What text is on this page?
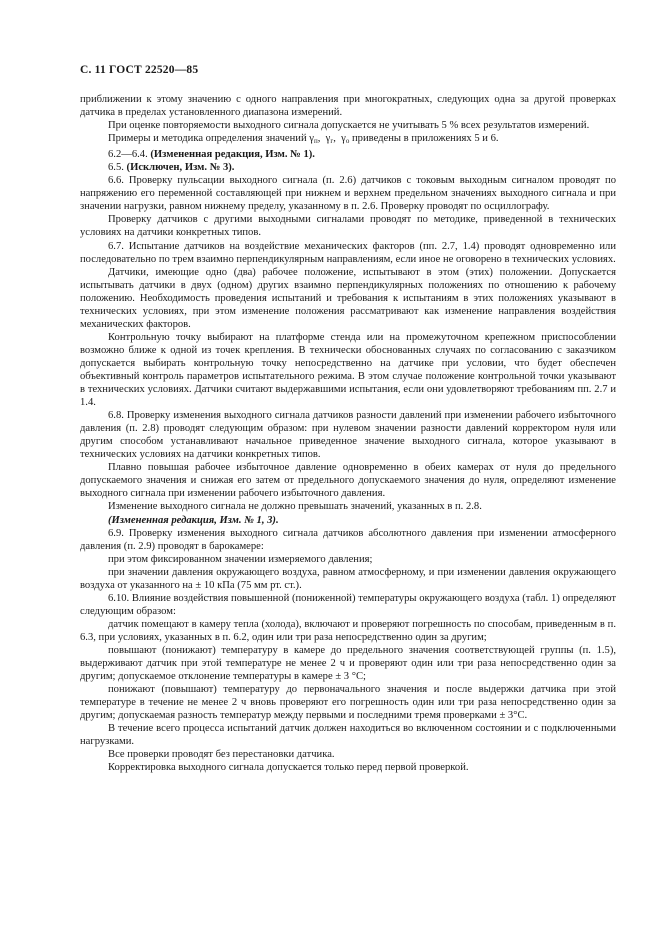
С. 11 ГОСТ 22520—85

приближении к этому значению с одного направления при многократных, следующих одна за другой проверках датчика в пределах установленного диапазона измерений.

При оценке повторяемости выходного сигнала допускается не учитывать 5 % всех результатов измерений.

Примеры и методика определения значений $\gamma_п$,  $\gamma_г$,  $\gamma_о$ приведены в приложениях 5 и 6.

6.2—6.4. (Измененная редакция, Изм. № 1).

6.5. (Исключен, Изм. № 3).

6.6. Проверку пульсации выходного сигнала (п. 2.6) датчиков с токовым выходным сигналом проводят по напряжению его переменной составляющей при нижнем и верхнем предельном значениях выходного сигнала и при значении нагрузки, равном нижнему пределу, указанному в п. 2.6. Проверку проводят по осциллографу.

Проверку датчиков с другими выходными сигналами проводят по методике, приведенной в технических условиях на датчики конкретных типов.

6.7. Испытание датчиков на воздействие механических факторов (пп. 2.7, 1.4) проводят одновременно или последовательно по трем взаимно перпендикулярным направлениям, если иное не оговорено в технических условиях.

Датчики, имеющие одно (два) рабочее положение, испытывают в этом (этих) положении. Допускается испытывать датчики в двух (одном) других взаимно перпендикулярных положениях по отношению к рабочему положению. Необходимость проведения испытаний и требования к испытаниям в этих положениях указывают в технических условиях, при этом изменение положения рассматривают как изменение направления воздействия механических факторов.

Контрольную точку выбирают на платформе стенда или на промежуточном крепежном приспособлении возможно ближе к одной из точек крепления. В технически обоснованных случаях по согласованию с заказчиком допускается выбирать контрольную точку непосредственно на датчике при условии, что будет обеспечен объективный контроль параметров испытательного режима. В этом случае положение контрольной точки указывают в технических условиях. Датчики считают выдержавшими испытания, если они удовлетворяют требованиям пп. 2.7 и 1.4.

6.8. Проверку изменения выходного сигнала датчиков разности давлений при изменении рабочего избыточного давления (п. 2.8) проводят следующим образом: при нулевом значении разности давлений корректором нуля или другим способом устанавливают начальное приведенное значение выходного сигнала, которое указывают в технических условиях на датчики конкретных типов.

Плавно повышая рабочее избыточное давление одновременно в обеих камерах от нуля до предельного допускаемого значения и снижая его затем от предельного допускаемого значения до нуля, определяют изменение выходного сигнала при изменении рабочего избыточного давления.

Изменение выходного сигнала не должно превышать значений, указанных в п. 2.8.

(Измененная редакция, Изм. № 1, 3).

6.9. Проверку изменения выходного сигнала датчиков абсолютного давления при изменении атмосферного давления (п. 2.9) проводят в барокамере:

при этом фиксированном значении измеряемого давления;

при значении давления окружающего воздуха, равном атмосферному, и при изменении давления окружающего воздуха от указанного на ± 10 кПа (75 мм рт. ст.).

6.10. Влияние воздействия повышенной (пониженной) температуры окружающего воздуха (табл. 1) определяют следующим образом:

датчик помещают в камеру тепла (холода), включают и проверяют погрешность по способам, приведенным в п. 6.3, при условиях, указанных в п. 6.2, один или три раза непосредственно один за другим;

повышают (понижают) температуру в камере до предельного значения соответствующей группы (п. 1.5), выдерживают датчик при этой температуре не менее 2 ч и проверяют один или три раза непосредственно один за другим; допускаемое отклонение температуры в камере ± 3 °С;

понижают (повышают) температуру до первоначального значения и после выдержки датчика при этой температуре в течение не менее 2 ч вновь проверяют его погрешность один или три раза непосредственно один за другим; допускаемая разность температур между первыми и последними тремя проверками ± 3°С.

В течение всего процесса испытаний датчик должен находиться во включенном состоянии и с подключенными нагрузками.

Все проверки проводят без перестановки датчика.

Корректировка выходного сигнала допускается только перед первой проверкой.
